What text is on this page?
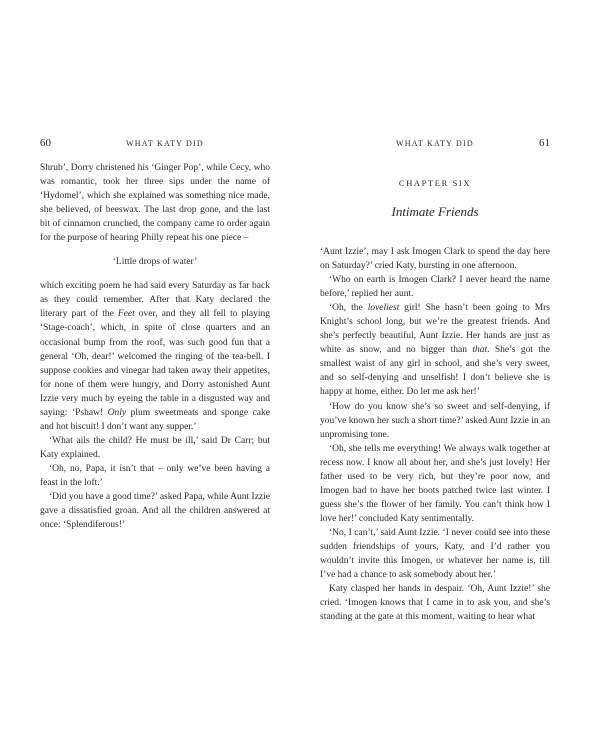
60	WHAT KATY DID

Shrub’, Dorry christened his ‘Ginger Pop’, while Cecy, who was romantic, took her three sips under the name of ‘Hydomel’, which she explained was something nice made, she believed, of beeswax. The last drop gone, and the last bit of cinnamon crunched, the company came to order again for the purpose of hearing Philly repeat his one piece –

‘Little drops of water’

which exciting poem he had said every Saturday as far back as they could remember. After that Katy declared the literary part of the Feet over, and they all fell to playing ‘Stage-coach’, which, in spite of close quarters and an occasional bump from the roof, was such good fun that a general ‘Oh, dear!’ welcomed the ringing of the tea-bell. I suppose cookies and vinegar had taken away their appetites, for none of them were hungry, and Dorry astonished Aunt Izzie very much by eyeing the table in a disgusted way and saying: ‘Pshaw! Only plum sweetmeats and sponge cake and hot biscuit! I don’t want any supper.’

‘What ails the child? He must be ill,’ said Dr Carr; but Katy explained.

‘Oh, no, Papa, it isn’t that – only we’ve been having a feast in the loft.’

‘Did you have a good time?’ asked Papa, while Aunt Izzie gave a dissatisfied groan. And all the children answered at once: ‘Splendiferous!’

WHAT KATY DID	61
CHAPTER SIX
Intimate Friends

‘Aunt Izzie’, may I ask Imogen Clark to spend the day here on Saturday?’ cried Katy, bursting in one afternoon.

‘Who on earth is Imogen Clark? I never heard the name before,’ replied her aunt.

‘Oh, the loveliest girl! She hasn’t been going to Mrs Knight’s school long, but we’re the greatest friends. And she’s perfectly beautiful, Aunt Izzie. Her hands are just as white as snow, and no bigger than that. She’s got the smallest waist of any girl in school, and she’s very sweet, and so self-denying and unselfish! I don’t believe she is happy at home, either. Do let me ask her!’

‘How do you know she’s so sweet and self-denying, if you’ve known her such a short time?’ asked Aunt Izzie in an unpromising tone.

‘Oh, she tells me everything! We always walk together at recess now. I know all about her, and she’s just lovely! Her father used to be very rich, but they’re poor now, and Imogen had to have her boots patched twice last winter. I guess she’s the flower of her family. You can’t think how I love her!’ concluded Katy sentimentally.

‘No, I can’t,’ said Aunt Izzie. ‘I never could see into these sudden friendships of yours, Katy, and I’d rather you wouldn’t invite this Imogen, or whatever her name is, till I’ve had a chance to ask somebody about her.’

Katy clasped her hands in despair. ‘Oh, Aunt Izzie!’ she cried. ‘Imogen knows that I came in to ask you, and she’s standing at the gate at this moment, waiting to hear what
